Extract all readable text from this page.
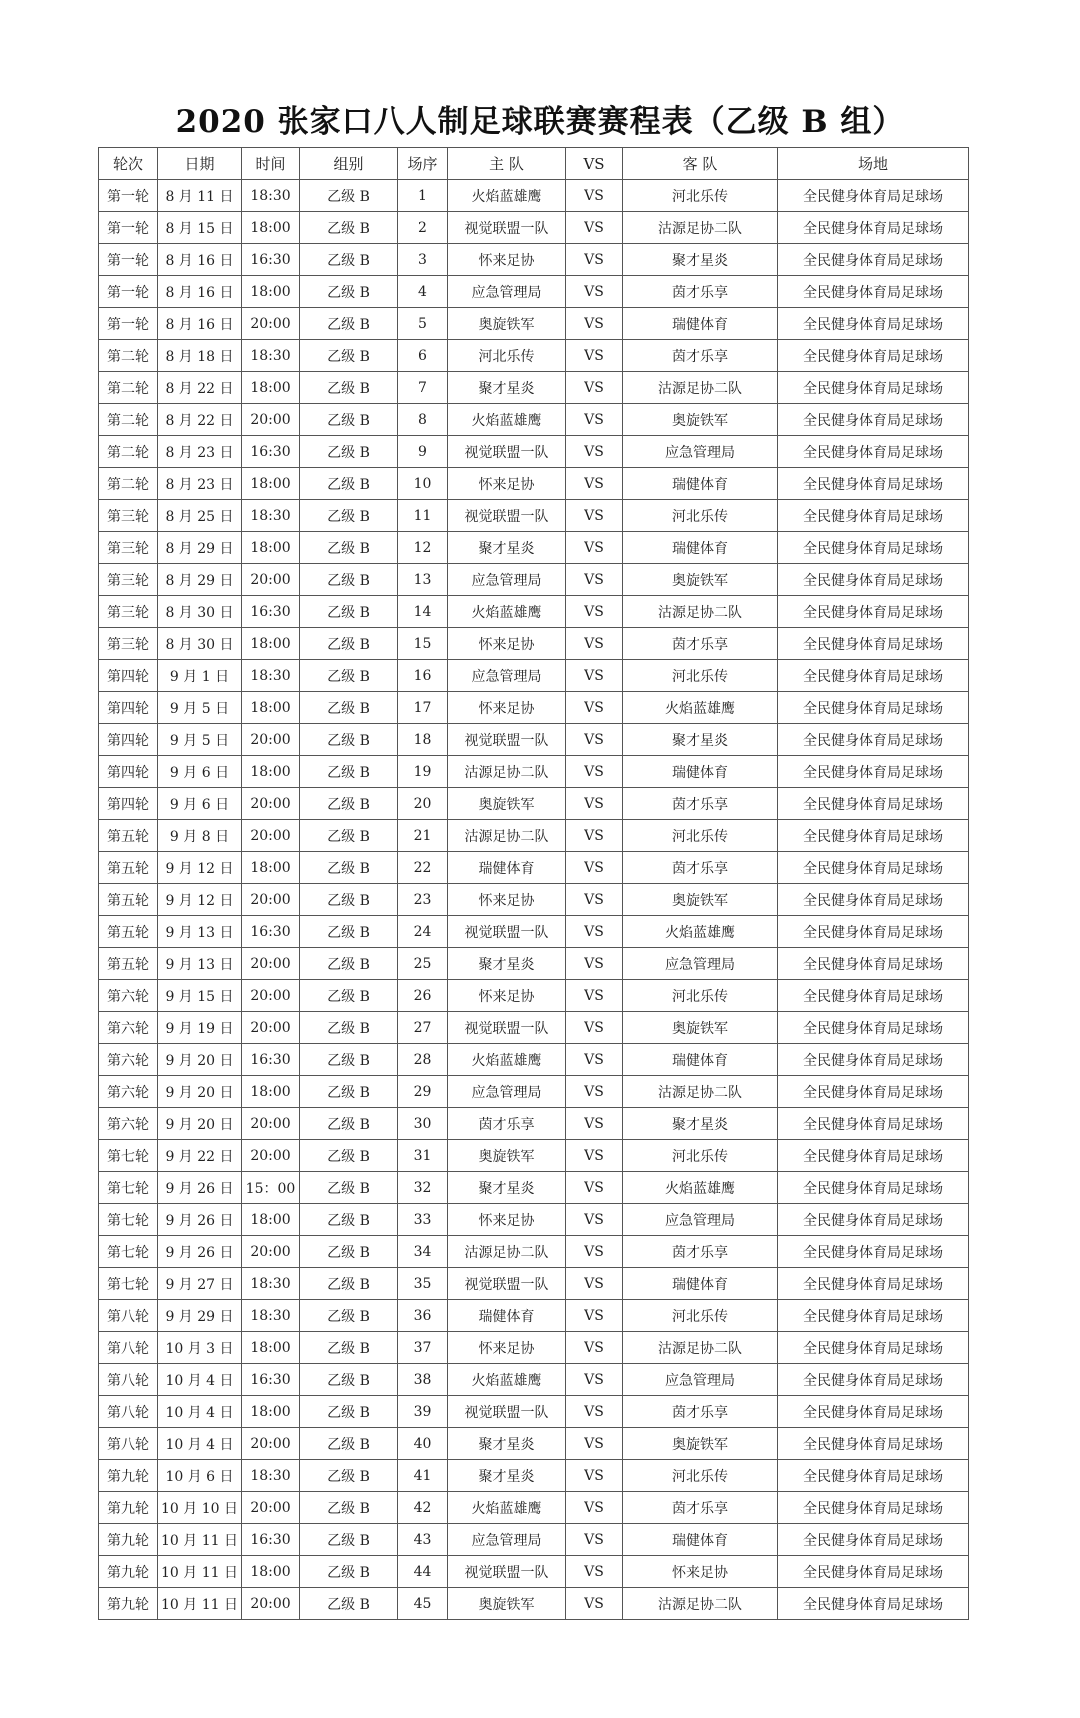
2020 张家口八人制足球联赛赛程表（乙级 B 组）
轮次	日期	时间	组别	场序	主 队	VS	客 队	场地
第一轮	8 月 11 日	18:30	乙级 B	1	火焰蓝雄鹰	VS	河北乐传	全民健身体育局足球场
第一轮	8 月 15 日	18:00	乙级 B	2	视觉联盟一队	VS	沽源足协二队	全民健身体育局足球场
第一轮	8 月 16 日	16:30	乙级 B	3	怀来足协	VS	聚才星炎	全民健身体育局足球场
第一轮	8 月 16 日	18:00	乙级 B	4	应急管理局	VS	茵才乐享	全民健身体育局足球场
第一轮	8 月 16 日	20:00	乙级 B	5	奥旋铁军	VS	瑞健体育	全民健身体育局足球场
第二轮	8 月 18 日	18:30	乙级 B	6	河北乐传	VS	茵才乐享	全民健身体育局足球场
第二轮	8 月 22 日	18:00	乙级 B	7	聚才星炎	VS	沽源足协二队	全民健身体育局足球场
第二轮	8 月 22 日	20:00	乙级 B	8	火焰蓝雄鹰	VS	奥旋铁军	全民健身体育局足球场
第二轮	8 月 23 日	16:30	乙级 B	9	视觉联盟一队	VS	应急管理局	全民健身体育局足球场
第二轮	8 月 23 日	18:00	乙级 B	10	怀来足协	VS	瑞健体育	全民健身体育局足球场
第三轮	8 月 25 日	18:30	乙级 B	11	视觉联盟一队	VS	河北乐传	全民健身体育局足球场
第三轮	8 月 29 日	18:00	乙级 B	12	聚才星炎	VS	瑞健体育	全民健身体育局足球场
第三轮	8 月 29 日	20:00	乙级 B	13	应急管理局	VS	奥旋铁军	全民健身体育局足球场
第三轮	8 月 30 日	16:30	乙级 B	14	火焰蓝雄鹰	VS	沽源足协二队	全民健身体育局足球场
第三轮	8 月 30 日	18:00	乙级 B	15	怀来足协	VS	茵才乐享	全民健身体育局足球场
第四轮	9 月 1 日	18:30	乙级 B	16	应急管理局	VS	河北乐传	全民健身体育局足球场
第四轮	9 月 5 日	18:00	乙级 B	17	怀来足协	VS	火焰蓝雄鹰	全民健身体育局足球场
第四轮	9 月 5 日	20:00	乙级 B	18	视觉联盟一队	VS	聚才星炎	全民健身体育局足球场
第四轮	9 月 6 日	18:00	乙级 B	19	沽源足协二队	VS	瑞健体育	全民健身体育局足球场
第四轮	9 月 6 日	20:00	乙级 B	20	奥旋铁军	VS	茵才乐享	全民健身体育局足球场
第五轮	9 月 8 日	20:00	乙级 B	21	沽源足协二队	VS	河北乐传	全民健身体育局足球场
第五轮	9 月 12 日	18:00	乙级 B	22	瑞健体育	VS	茵才乐享	全民健身体育局足球场
第五轮	9 月 12 日	20:00	乙级 B	23	怀来足协	VS	奥旋铁军	全民健身体育局足球场
第五轮	9 月 13 日	16:30	乙级 B	24	视觉联盟一队	VS	火焰蓝雄鹰	全民健身体育局足球场
第五轮	9 月 13 日	20:00	乙级 B	25	聚才星炎	VS	应急管理局	全民健身体育局足球场
第六轮	9 月 15 日	20:00	乙级 B	26	怀来足协	VS	河北乐传	全民健身体育局足球场
第六轮	9 月 19 日	20:00	乙级 B	27	视觉联盟一队	VS	奥旋铁军	全民健身体育局足球场
第六轮	9 月 20 日	16:30	乙级 B	28	火焰蓝雄鹰	VS	瑞健体育	全民健身体育局足球场
第六轮	9 月 20 日	18:00	乙级 B	29	应急管理局	VS	沽源足协二队	全民健身体育局足球场
第六轮	9 月 20 日	20:00	乙级 B	30	茵才乐享	VS	聚才星炎	全民健身体育局足球场
第七轮	9 月 22 日	20:00	乙级 B	31	奥旋铁军	VS	河北乐传	全民健身体育局足球场
第七轮	9 月 26 日	15：00	乙级 B	32	聚才星炎	VS	火焰蓝雄鹰	全民健身体育局足球场
第七轮	9 月 26 日	18:00	乙级 B	33	怀来足协	VS	应急管理局	全民健身体育局足球场
第七轮	9 月 26 日	20:00	乙级 B	34	沽源足协二队	VS	茵才乐享	全民健身体育局足球场
第七轮	9 月 27 日	18:30	乙级 B	35	视觉联盟一队	VS	瑞健体育	全民健身体育局足球场
第八轮	9 月 29 日	18:30	乙级 B	36	瑞健体育	VS	河北乐传	全民健身体育局足球场
第八轮	10 月 3 日	18:00	乙级 B	37	怀来足协	VS	沽源足协二队	全民健身体育局足球场
第八轮	10 月 4 日	16:30	乙级 B	38	火焰蓝雄鹰	VS	应急管理局	全民健身体育局足球场
第八轮	10 月 4 日	18:00	乙级 B	39	视觉联盟一队	VS	茵才乐享	全民健身体育局足球场
第八轮	10 月 4 日	20:00	乙级 B	40	聚才星炎	VS	奥旋铁军	全民健身体育局足球场
第九轮	10 月 6 日	18:30	乙级 B	41	聚才星炎	VS	河北乐传	全民健身体育局足球场
第九轮	10 月 10 日	20:00	乙级 B	42	火焰蓝雄鹰	VS	茵才乐享	全民健身体育局足球场
第九轮	10 月 11 日	16:30	乙级 B	43	应急管理局	VS	瑞健体育	全民健身体育局足球场
第九轮	10 月 11 日	18:00	乙级 B	44	视觉联盟一队	VS	怀来足协	全民健身体育局足球场
第九轮	10 月 11 日	20:00	乙级 B	45	奥旋铁军	VS	沽源足协二队	全民健身体育局足球场
